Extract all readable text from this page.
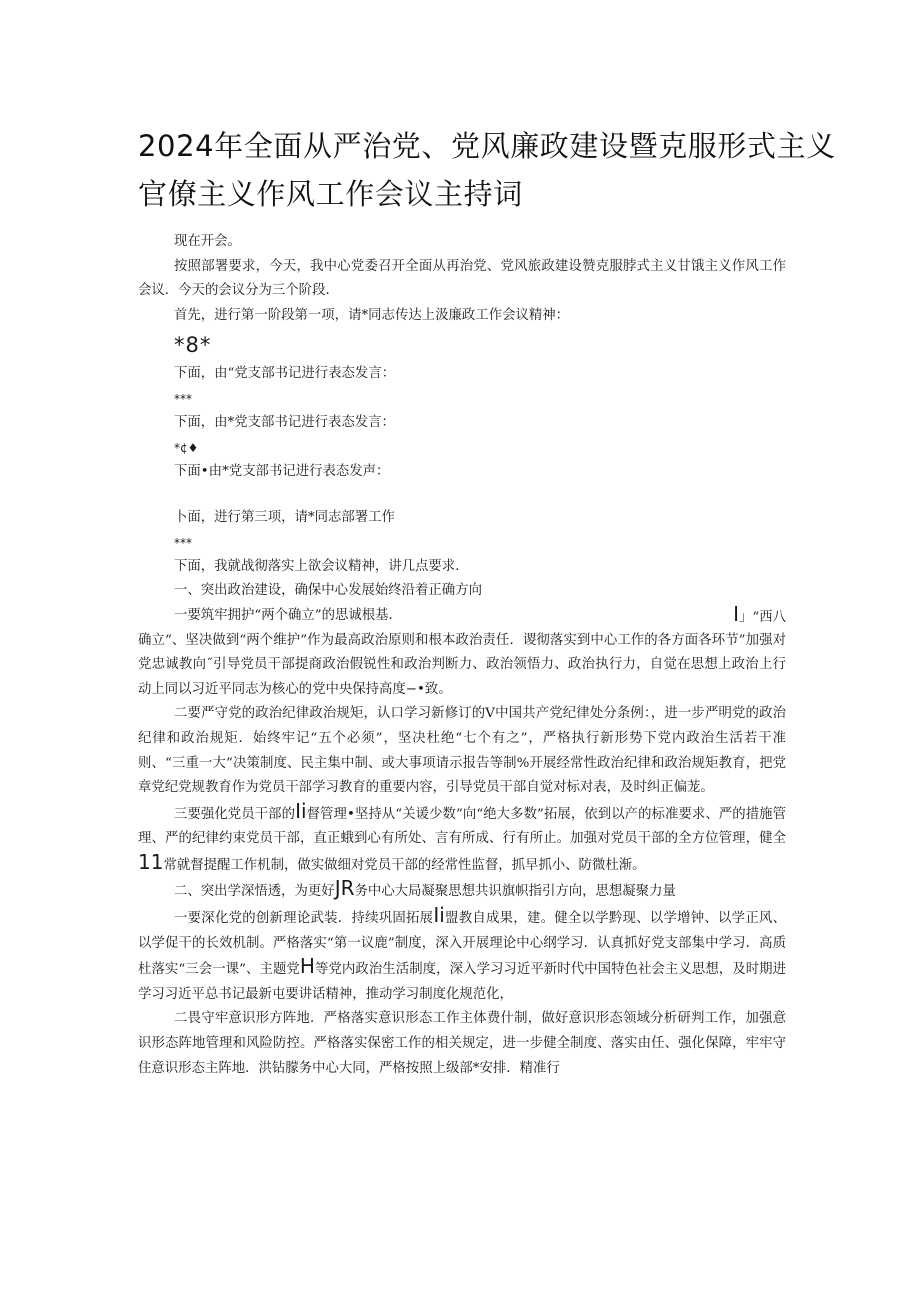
2024年全面从严治党、党风廉政建设暨克服形式主义
官僚主义作风工作会议主持词

现在开会。

按照部署要求，今天，我中心党委召开全面从再治党、党风旅政建设赞克服脖式主义甘饿主义作风工作会议．今天的会议分为三个阶段．

首先，进行第一阶段第一项，请*同志传达上汲廉政工作会议精神：

*8*

下面，由“党支部书记进行表态发言：

***

下面，由*党支部书记进行表态发言：

*¢♦

下面•由*党支部书记进行表态发声：

卜面，进行第三项，请*同志部署工作

***

下面，我就战彻落实上欲会议精神，讲几点要求．

一、突出政治建设，确保中心发展始终沿着正确方向

一要筑牢拥护“两个确立”的思诚根基．	I」“西八

确立“、坚决做到“两个维护”作为最高政治原则和根本政治责任．谡彻落实到中心工作的各方面各环节”加强对党忠诚教向˝引导党员干部提商政治假锐性和政治判断力、政治领悟力、政治执行力，自觉在思想上政治上行动上同以习近平同志为核心的党中央保持高度−•致。

二要严守党的政治纪律政治规矩，认口学习新修订的V中国共产党纪律处分条例：，进一步严明党的政治纪律和政治规矩．始终牢记“五个必须”，坚决杜绝“七个有之”，严格执行新形势下党内政治生活若干准则、“三重一大”决策制度、民主集中制、或大事项请示报告等制%开展经常性政治纪律和政治规矩教育，把党章党纪党规教育作为党员干部学习教育的重要内容，引导党员干部自觉对标对表，及时纠正偏茏。

三要强化党员干部的Ii督管理•坚持从“关谖少数”向“绝大多数”拓展，依到以产的标准要求、严的措施管理、严的纪律约束党员干部，直正蛾到心有所处、言有所成、行有所止。加强对党员干部的全方位管理，健全11常就督提醒工作机制，做实做细对党员干部的经常性监督，抓早抓小、防微杜渐。

二、突出学深悟透，为更好JR务中心大局凝聚思想共识旗帜指引方向，思想凝聚力量

一要深化党的创新理论武装．持续巩固拓展Ii盟教自成果，建。健全以学黔现、以学增钟、以学正风、以学促干的长效机制。严格落实“第一议鹿”制度，深入开展理论中心纲学习．认真抓好党支部集中学习．高质杜落实“三会一课”、主题党H等党内政治生活制度，深入学习习近平新时代中国特色社会主义思想，及时期进学习习近平总书记最新屯要讲话精神，推动学习制度化规范化，

二畏守牢意识形方阵地．严格落实意识形态工作主体费什制，做好意识形态领域分析研判工作，加强意识形态阵地管理和风险防控。严格落实保密工作的相关规定，进一步健全制度、落实由任、强化保障，牢牢守住意识形态主阵地．洪钻朦务中心大同，严格按照上级部*安排．精准行
